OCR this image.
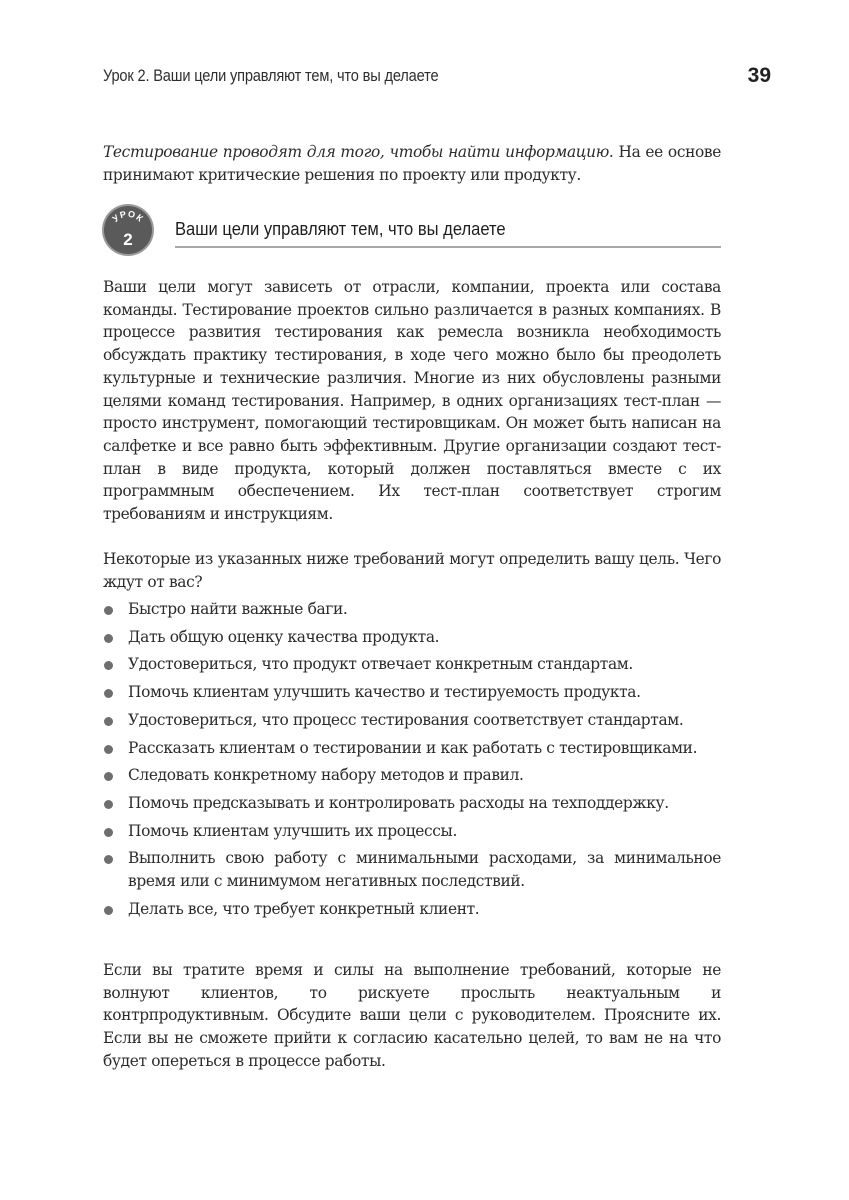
Урок 2. Ваши цели управляют тем, что вы делаете	39

Тестирование проводят для того, чтобы найти информацию. На ее основе принимают критические решения по проекту или продукту.

УРОК
2
Ваши цели управляют тем, что вы делаете

Ваши цели могут зависеть от отрасли, компании, проекта или состава команды. Тестирование проектов сильно различается в разных компаниях. В процессе развития тестирования как ремесла возникла необходимость обсуждать практику тестирования, в ходе чего можно было бы преодолеть культурные и технические различия. Многие из них обусловлены разными целями команд тестирования. Например, в одних организациях тест-план — просто инструмент, помогающий тестировщикам. Он может быть написан на салфетке и все равно быть эффективным. Другие организации создают тест-план в виде продукта, который должен поставляться вместе с их программным обеспечением. Их тест-план соответствует строгим требованиям и инструкциям.

Некоторые из указанных ниже требований могут определить вашу цель. Чего ждут от вас?

Быстро найти важные баги.
Дать общую оценку качества продукта.
Удостовериться, что продукт отвечает конкретным стандартам.
Помочь клиентам улучшить качество и тестируемость продукта.
Удостовериться, что процесс тестирования соответствует стандартам.
Рассказать клиентам о тестировании и как работать с тестировщиками.
Следовать конкретному набору методов и правил.
Помочь предсказывать и контролировать расходы на техподдержку.
Помочь клиентам улучшить их процессы.
Выполнить свою работу с минимальными расходами, за минимальное время или с минимумом негативных последствий.
Делать все, что требует конкретный клиент.

Если вы тратите время и силы на выполнение требований, которые не волнуют клиентов, то рискуете прослыть неактуальным и контрпродуктивным. Обсудите ваши цели с руководителем. Проясните их. Если вы не сможете прийти к согласию касательно целей, то вам не на что будет опереться в процессе работы.
